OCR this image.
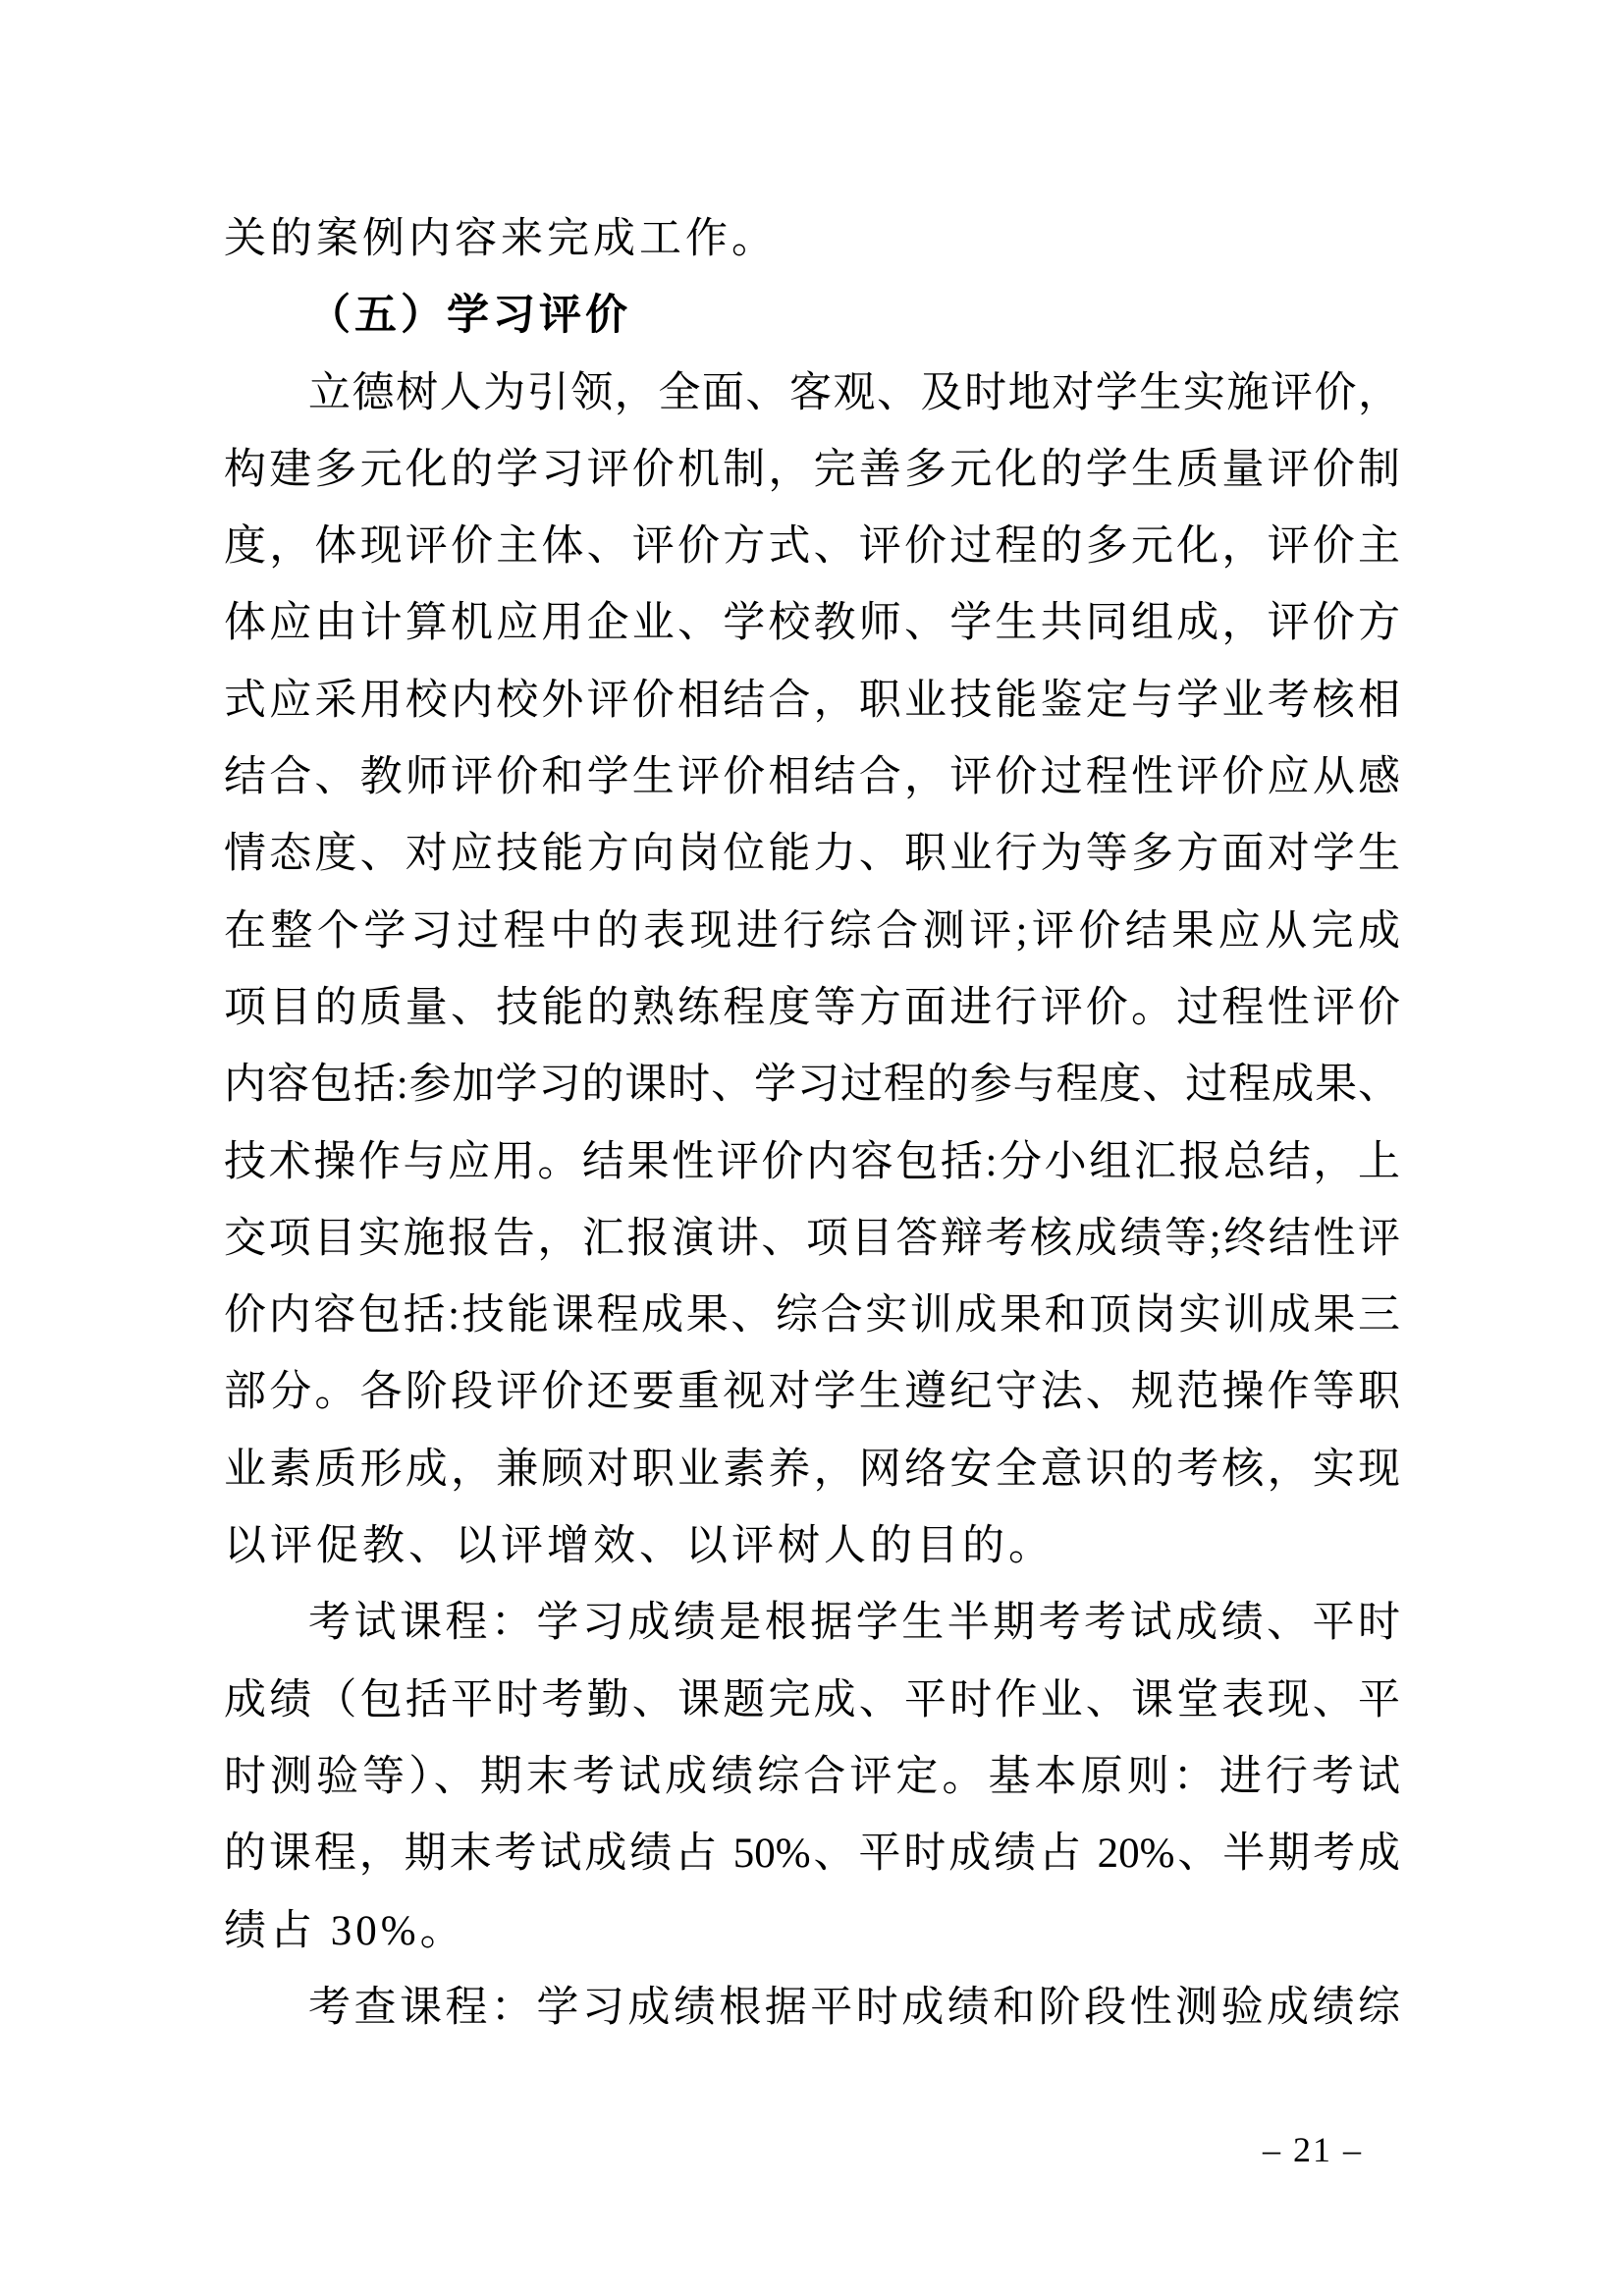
关的案例内容来完成工作。
（五）学习评价
立德树人为引领，全面、客观、及时地对学生实施评价，
构建多元化的学习评价机制，完善多元化的学生质量评价制
度，体现评价主体、评价方式、评价过程的多元化，评价主
体应由计算机应用企业、学校教师、学生共同组成，评价方
式应采用校内校外评价相结合，职业技能鉴定与学业考核相
结合、教师评价和学生评价相结合，评价过程性评价应从感
情态度、对应技能方向岗位能力、职业行为等多方面对学生
在整个学习过程中的表现进行综合测评;评价结果应从完成
项目的质量、技能的熟练程度等方面进行评价。过程性评价
内容包括:参加学习的课时、学习过程的参与程度、过程成果、
技术操作与应用。结果性评价内容包括:分小组汇报总结，上
交项目实施报告，汇报演讲、项目答辩考核成绩等;终结性评
价内容包括:技能课程成果、综合实训成果和顶岗实训成果三
部分。各阶段评价还要重视对学生遵纪守法、规范操作等职
业素质形成，兼顾对职业素养，网络安全意识的考核，实现
以评促教、以评增效、以评树人的目的。
考试课程：学习成绩是根据学生半期考考试成绩、平时
成绩（包括平时考勤、课题完成、平时作业、课堂表现、平
时测验等）、期末考试成绩综合评定。基本原则：进行考试
的课程，期末考试成绩占 50%、平时成绩占 20%、半期考成
绩占 30%。
考查课程：学习成绩根据平时成绩和阶段性测验成绩综
– 21 –
